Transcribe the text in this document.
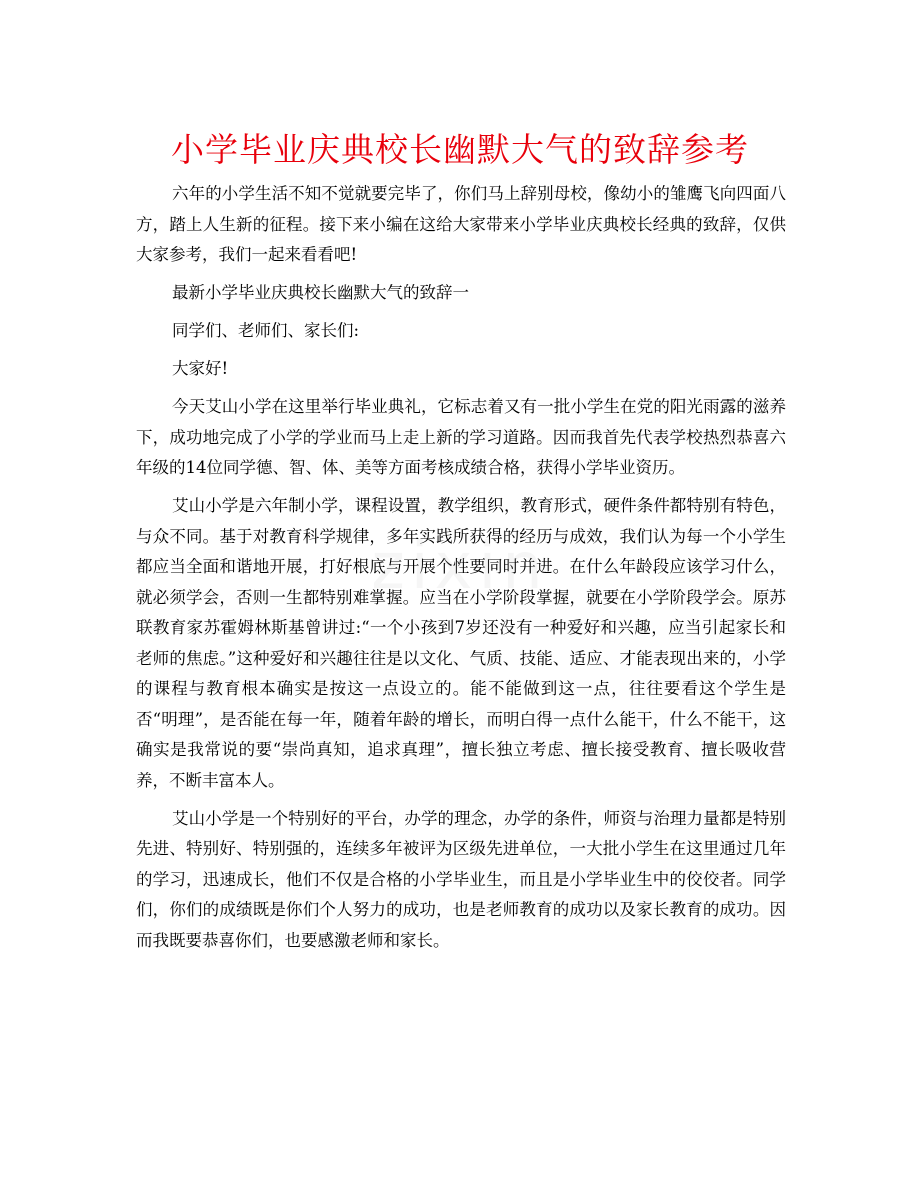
小学毕业庆典校长幽默大气的致辞参考

六年的小学生活不知不觉就要完毕了，你们马上辞别母校，像幼小的雏鹰飞向四面八方，踏上人生新的征程。接下来小编在这给大家带来小学毕业庆典校长经典的致辞，仅供大家参考，我们一起来看看吧!

最新小学毕业庆典校长幽默大气的致辞一

同学们、老师们、家长们:

大家好!

今天艾山小学在这里举行毕业典礼，它标志着又有一批小学生在党的阳光雨露的滋养下，成功地完成了小学的学业而马上走上新的学习道路。因而我首先代表学校热烈恭喜六年级的14位同学德、智、体、美等方面考核成绩合格，获得小学毕业资历。

艾山小学是六年制小学，课程设置，教学组织，教育形式，硬件条件都特别有特色，与众不同。基于对教育科学规律，多年实践所获得的经历与成效，我们认为每一个小学生都应当全面和谐地开展，打好根底与开展个性要同时并进。在什么年龄段应该学习什么，就必须学会，否则一生都特别难掌握。应当在小学阶段掌握，就要在小学阶段学会。原苏联教育家苏霍姆林斯基曾讲过:“一个小孩到7岁还没有一种爱好和兴趣，应当引起家长和老师的焦虑。”这种爱好和兴趣往往是以文化、气质、技能、适应、才能表现出来的，小学的课程与教育根本确实是按这一点设立的。能不能做到这一点，往往要看这个学生是否“明理”，是否能在每一年，随着年龄的增长，而明白得一点什么能干，什么不能干，这确实是我常说的要“崇尚真知，追求真理”，擅长独立考虑、擅长接受教育、擅长吸收营养，不断丰富本人。

艾山小学是一个特别好的平台，办学的理念，办学的条件，师资与治理力量都是特别先进、特别好、特别强的，连续多年被评为区级先进单位，一大批小学生在这里通过几年的学习，迅速成长，他们不仅是合格的小学毕业生，而且是小学毕业生中的佼佼者。同学们，你们的成绩既是你们个人努力的成功，也是老师教育的成功以及家长教育的成功。因而我既要恭喜你们，也要感激老师和家长。

zixin
